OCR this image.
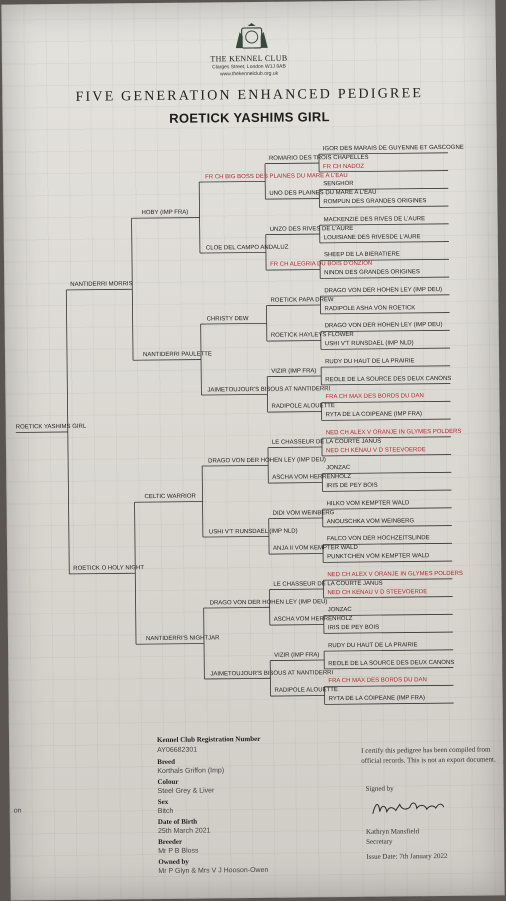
THE KENNEL CLUB
Clarges Street, London W1J 8AB
www.thekennelclub.org.uk
FIVE GENERATION ENHANCED PEDIGREE
ROETICK YASHIMS GIRL
ROETICK YASHIMS GIRL
NANTIDERRI MORRIS
ROETICK O HOLY NIGHT
HOBY (IMP FRA)
NANTIDERRI PAULETTE
CELTIC WARRIOR
NANTIDERRI'S NIGHTJAR
FR CH BIG BOSS DES PLAINES DU MARE A L'EAU
CLOE DEL CAMPO ANDALUZ
CHRISTY DEW
JAIMETOUJOUR'S BISOUS AT NANTIDERRI
DRAGO VON DER HOHEN LEY (IMP DEU)
USHI V'T RUNSDAEL (IMP NLD)
DRAGO VON DER HOHEN LEY (IMP DEU)
JAIMETOUJOUR'S BISOUS AT NANTIDERRI
ROMARIO DES TROIS CHAPELLES
UNO DES PLAINES DU MARE A L'EAU
UNZO DES RIVES DE L'AURE
FR CH ALEGRIA DU BOIS D'ONZION
ROETICK PAPA DREW
ROETICK HAYLEYS FLOWER
VIZIR (IMP FRA)
RADIPOLE ALOUETTE
LE CHASSEUR DE LA COURTE JANUS
ASCHA VOM HERRENHOLZ
DIDI VOM WEINBERG
ANJA II VOM KEMPTER WALD
LE CHASSEUR DE LA COURTE JANUS
ASCHA VOM HERRENHOLZ
VIZIR (IMP FRA)
RADIPOLE ALOUETTE
IGOR DES MARAIS DE GUYENNE ET GASCOGNE
FR CH NADOZ
SENGHOR
ROMPUN DES GRANDES ORIGINES
MACKENZIE DES RIVES DE L'AURE
LOUISIANE DES RIVESDE L'AURE
SHEEP DE LA BIERATIERE
NINON DES GRANDES ORIGINES
DRAGO VON DER HOHEN LEY (IMP DEU)
RADIPOLE ASHA VON ROETICK
DRAGO VON DER HOHEN LEY (IMP DEU)
USHI V'T RUNSDAEL (IMP NLD)
RUDY DU HAUT DE LA PRAIRIE
REOLE DE LA SOURCE DES DEUX CANONS
FRA CH MAX DES BORDS DU DAN
RYTA DE LA COIPEANE (IMP FRA)
NED CH ALEX V ORANJE IN GLYMES POLDERS
NED CH KENAU V D STEEVOERDE
JONZAC
IRIS DE PEY BOIS
HILKO VOM KEMPTER WALD
ANOUSCHKA VOM WEINBERG
FALCO VON DER HOCHZEITSLINDE
PUNKTCHEN VOM KEMPTER WALD
NED CH ALEX V ORANJE IN GLYMES POLDERS
NED CH KENAU V D STEEVOERDE
JONZAC
IRIS DE PEY BOIS
RUDY DU HAUT DE LA PRAIRIE
REOLE DE LA SOURCE DES DEUX CANONS
FRA CH MAX DES BORDS DU DAN
RYTA DE LA COIPEANE (IMP FRA)
Kennel Club Registration Number
AY06682301
Breed
Korthals Griffon (Imp)
Colour
Steel Grey & Liver
Sex
Bitch
Date of Birth
25th March 2021
Breeder
Mr P B Bloss
Owned by
Mr P Glyn & Mrs V J Hooson-Owen
on
I certify this pedigree has been compiled from
official records. This is not an export document.
Signed by
Kathryn Mansfield
Secretary
Issue Date: 7th January 2022
